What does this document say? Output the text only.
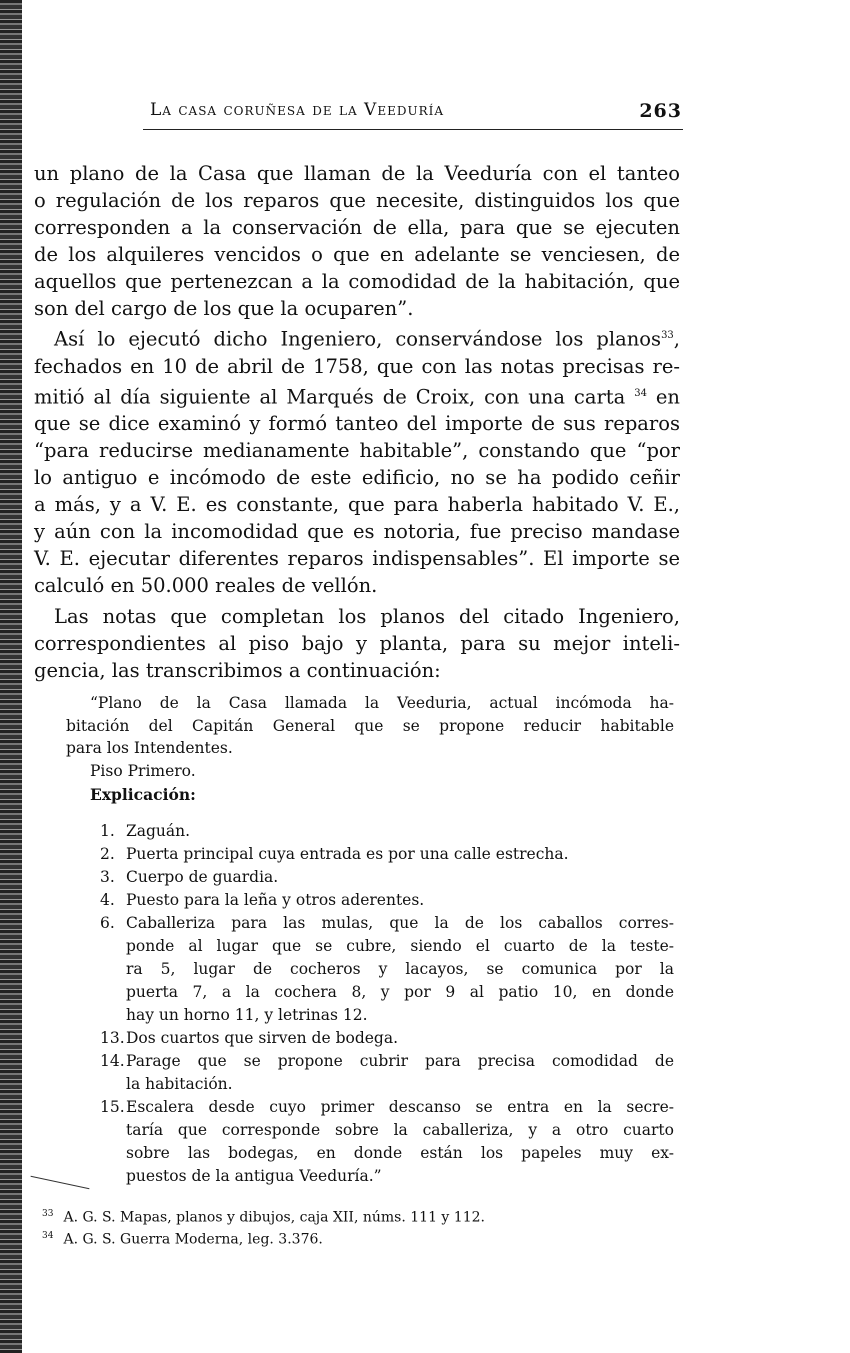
La casa coruñesa de la Veeduría	263
un plano de la Casa que llaman de la Veeduría con el tanteo
o regulación de los reparos que necesite, distinguidos los que
corresponden a la conservación de ella, para que se ejecuten
de los alquileres vencidos o que en adelante se venciesen, de
aquellos que pertenezcan a la comodidad de la habitación, que
son del cargo de los que la ocuparen”.
Así lo ejecutó dicho Ingeniero, conservándose los planos$^{33}$,
fechados en 10 de abril de 1758, que con las notas precisas re-
mitió al día siguiente al Marqués de Croix, con una carta $^{34}$ en
que se dice examinó y formó tanteo del importe de sus reparos
“para reducirse medianamente habitable”, constando que “por
lo antiguo e incómodo de este edificio, no se ha podido ceñir
a más, y a V. E. es constante, que para haberla habitado V. E.,
y aún con la incomodidad que es notoria, fue preciso mandase
V. E. ejecutar diferentes reparos indispensables”. El importe se
calculó en 50.000 reales de vellón.
Las notas que completan los planos del citado Ingeniero,
correspondientes al piso bajo y planta, para su mejor inteli-
gencia, las transcribimos a continuación:
“Plano de la Casa llamada la Veeduria, actual incómoda ha-
bitación del Capitán General que se propone reducir habitable
para los Intendentes.
Piso Primero.
Explicación:
1. Zaguán.
2. Puerta principal cuya entrada es por una calle estrecha.
3. Cuerpo de guardia.
4. Puesto para la leña y otros aderentes.
6. Caballeriza para las mulas, que la de los caballos corres-
ponde al lugar que se cubre, siendo el cuarto de la teste-
ra 5, lugar de cocheros y lacayos, se comunica por la
puerta 7, a la cochera 8, y por 9 al patio 10, en donde
hay un horno 11, y letrinas 12.
13. Dos cuartos que sirven de bodega.
14. Parage que se propone cubrir para precisa comodidad de
la habitación.
15. Escalera desde cuyo primer descanso se entra en la secre-
taría que corresponde sobre la caballeriza, y a otro cuarto
sobre las bodegas, en donde están los papeles muy ex-
puestos de la antigua Veeduría.”
$^{33}$ A. G. S. Mapas, planos y dibujos, caja XII, núms. 111 y 112.
$^{34}$ A. G. S. Guerra Moderna, leg. 3.376.
